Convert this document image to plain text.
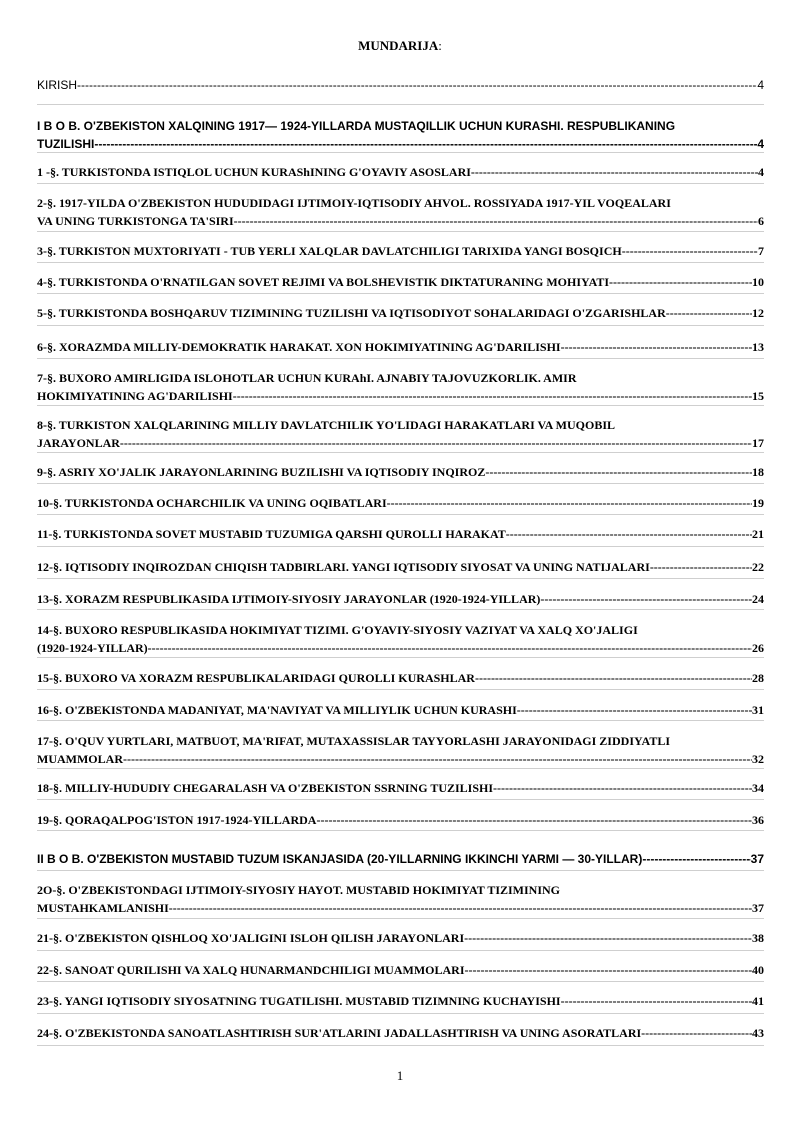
MUNDARIJA:
KIRISH -----	4
I B O B. O'ZBEKISTON XALQINING 1917— 1924-YILLARDA MUSTAQILLIK UCHUN KURASHI. RESPUBLIKANING
TUZILISHI -----	4
1 -§. TURKISTONDA ISTIQLOL UCHUN KURAShINING G'OYAVIY ASOSLARI -----	4
2-§. 1917-YILDA O'ZBEKISTON HUDUDIDAGI IJTIMOIY-IQTISODIY AHVOL. ROSSIYADA 1917-YIL VOQEALARI
VA UNING TURKISTONGA TA'SIRI -----	6
3-§. TURKISTON MUXTORIYATI - TUB YERLI XALQLAR DAVLATCHILIGI TARIXIDA YANGI BOSQICH -----	7
4-§. TURKISTONDA O'RNATILGAN SOVET REJIMI VA BOLSHEVISTIK DIKTATURANING MOHIYATI -----	10
5-§. TURKISTONDA BOSHQARUV TIZIMINING TUZILISHI VA IQTISODIYOT SOHALARIDAGI O'ZGARISHLAR -----	12
6-§. XORAZMDA MILLIY-DEMOKRATIK HARAKAT. XON HOKIMIYATINING AG'DARILISHI -----	13
7-§. BUXORO AMIRLIGIDA ISLOHOTLAR UCHUN KURAhI. AJNABIY TAJOVUZKORLIK. AMIR
HOKIMIYATINING AG'DARILISHI -----	15
8-§. TURKISTON XALQLARINING MILLIY DAVLATCHILIK YO'LIDAGI HARAKATLARI VA MUQOBIL
JARAYONLAR -----	17
9-§. ASRIY XO'JALIK JARAYONLARINING BUZILISHI VA IQTISODIY INQIROZ -----	18
10-§. TURKISTONDA OCHARCHILIK VA UNING OQIBATLARI -----	19
11-§. TURKISTONDA SOVET MUSTABID TUZUMIGA QARSHI QUROLLI HARAKAT -----	21
12-§. IQTISODIY INQIROZDAN CHIQISH TADBIRLARI. YANGI IQTISODIY SIYOSAT VA UNING NATIJALARI -----	22
13-§. XORAZM RESPUBLIKASIDA IJTIMOIY-SIYOSIY JARAYONLAR (1920-1924-YILLAR) -----	24
14-§. BUXORO RESPUBLIKASIDA HOKIMIYAT TIZIMI. G'OYAVIY-SIYOSIY VAZIYAT VA XALQ XO'JALIGI
(1920-1924-YILLAR) -----	26
15-§. BUXORO VA XORAZM RESPUBLIKALARIDAGI QUROLLI KURASHLAR -----	28
16-§. O'ZBEKISTONDA MADANIYAT, MA'NAVIYAT VA MILLIYLIK UCHUN KURASHI -----	31
17-§. O'QUV YURTLARI, MATBUOT, MA'RIFAT, MUTAXASSISLAR TAYYORLASHI JARAYONIDAGI ZIDDIYATLI
MUAMMOLAR -----	32
18-§. MILLIY-HUDUDIY CHEGARALASH VA O'ZBEKISTON SSRNING TUZILISHI -----	34
19-§. QORAQALPOG'ISTON 1917-1924-YILLARDA -----	36
II B O B. O'ZBEKISTON MUSTABID TUZUM ISKANJASIDA (20-YILLARNING IKKINCHI YARMI — 30-YILLAR) -----	37
2O-§. O'ZBEKISTONDAGI IJTIMOIY-SIYOSIY HAYOT. MUSTABID HOKIMIYAT TIZIMINING
MUSTAHKAMLANISHI -----	37
21-§. O'ZBEKISTON QISHLOQ XO'JALIGINI ISLOH QILISH JARAYONLARI -----	38
22-§. SANOAT QURILISHI VA XALQ HUNARMANDCHILIGI MUAMMOLARI -----	40
23-§. YANGI IQTISODIY SIYOSATNING TUGATILISHI. MUSTABID TIZIMNING KUCHAYISHI -----	41
24-§. O'ZBEKISTONDA SANOATLASHTIRISH SUR'ATLARINI JADALLASHTIRISH VA UNING ASORATLARI -----	43
1
